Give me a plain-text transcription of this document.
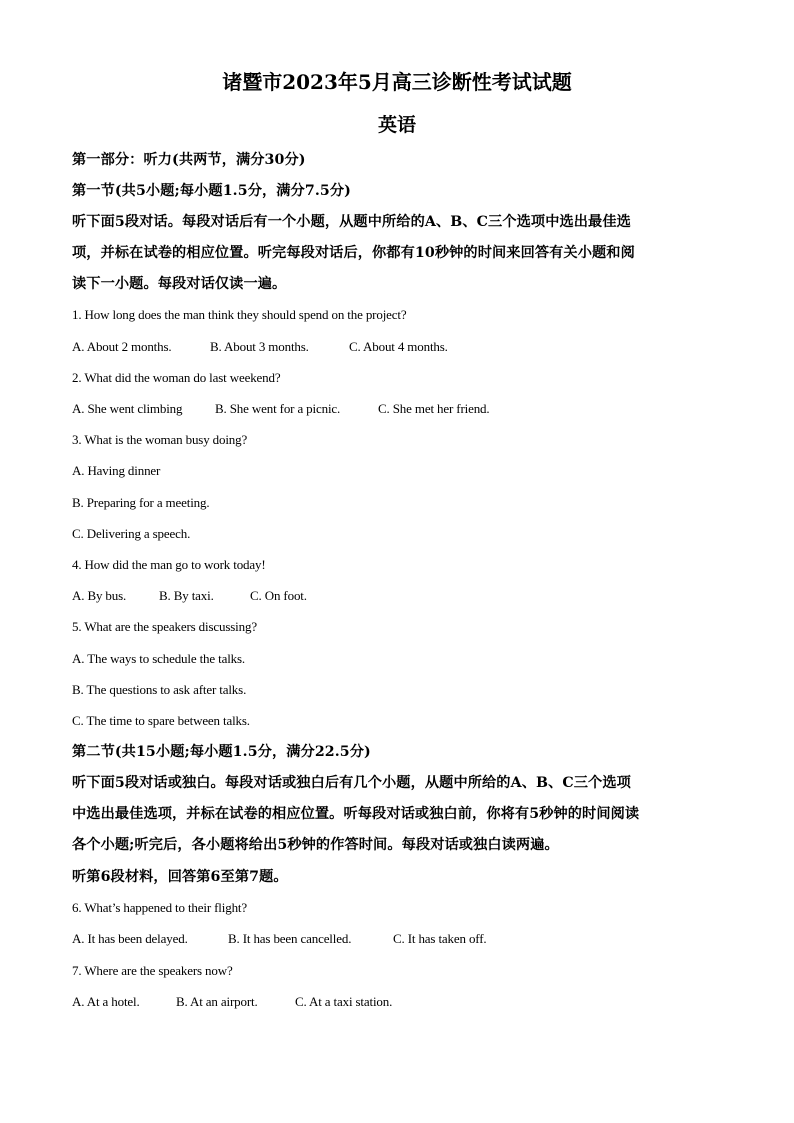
诸暨市2023年5月高三诊断性考试试题
英语
第一部分：听力(共两节，满分30分)
第一节(共5小题;每小题1.5分，满分7.5分)
听下面5段对话。每段对话后有一个小题，从题中所给的A、B、C三个选项中选出最佳选
项，并标在试卷的相应位置。听完每段对话后，你都有10秒钟的时间来回答有关小题和阅
读下一小题。每段对话仅读一遍。
1. How long does the man think they should spend on the project?
A. About 2 months.	B. About 3 months.	C. About 4 months.
2. What did the woman do last weekend?
A. She went climbing	B. She went for a picnic.	C. She met her friend.
3. What is the woman busy doing?
A. Having dinner
B. Preparing for a meeting.
C. Delivering a speech.
4. How did the man go to work today!
A. By bus.	B. By taxi.	C. On foot.
5. What are the speakers discussing?
A. The ways to schedule the talks.
B. The questions to ask after talks.
C. The time to spare between talks.
第二节(共15小题;每小题1.5分，满分22.5分)
听下面5段对话或独白。每段对话或独白后有几个小题，从题中所给的A、B、C三个选项
中选出最佳选项，并标在试卷的相应位置。听每段对话或独白前，你将有5秒钟的时间阅读
各个小题;听完后，各小题将给出5秒钟的作答时间。每段对话或独白读两遍。
听第6段材料，回答第6至第7题。
6. What’s happened to their flight?
A. It has been delayed.	B. It has been cancelled.	C. It has taken off.
7. Where are the speakers now?
A. At a hotel.	B. At an airport.	C. At a taxi station.
